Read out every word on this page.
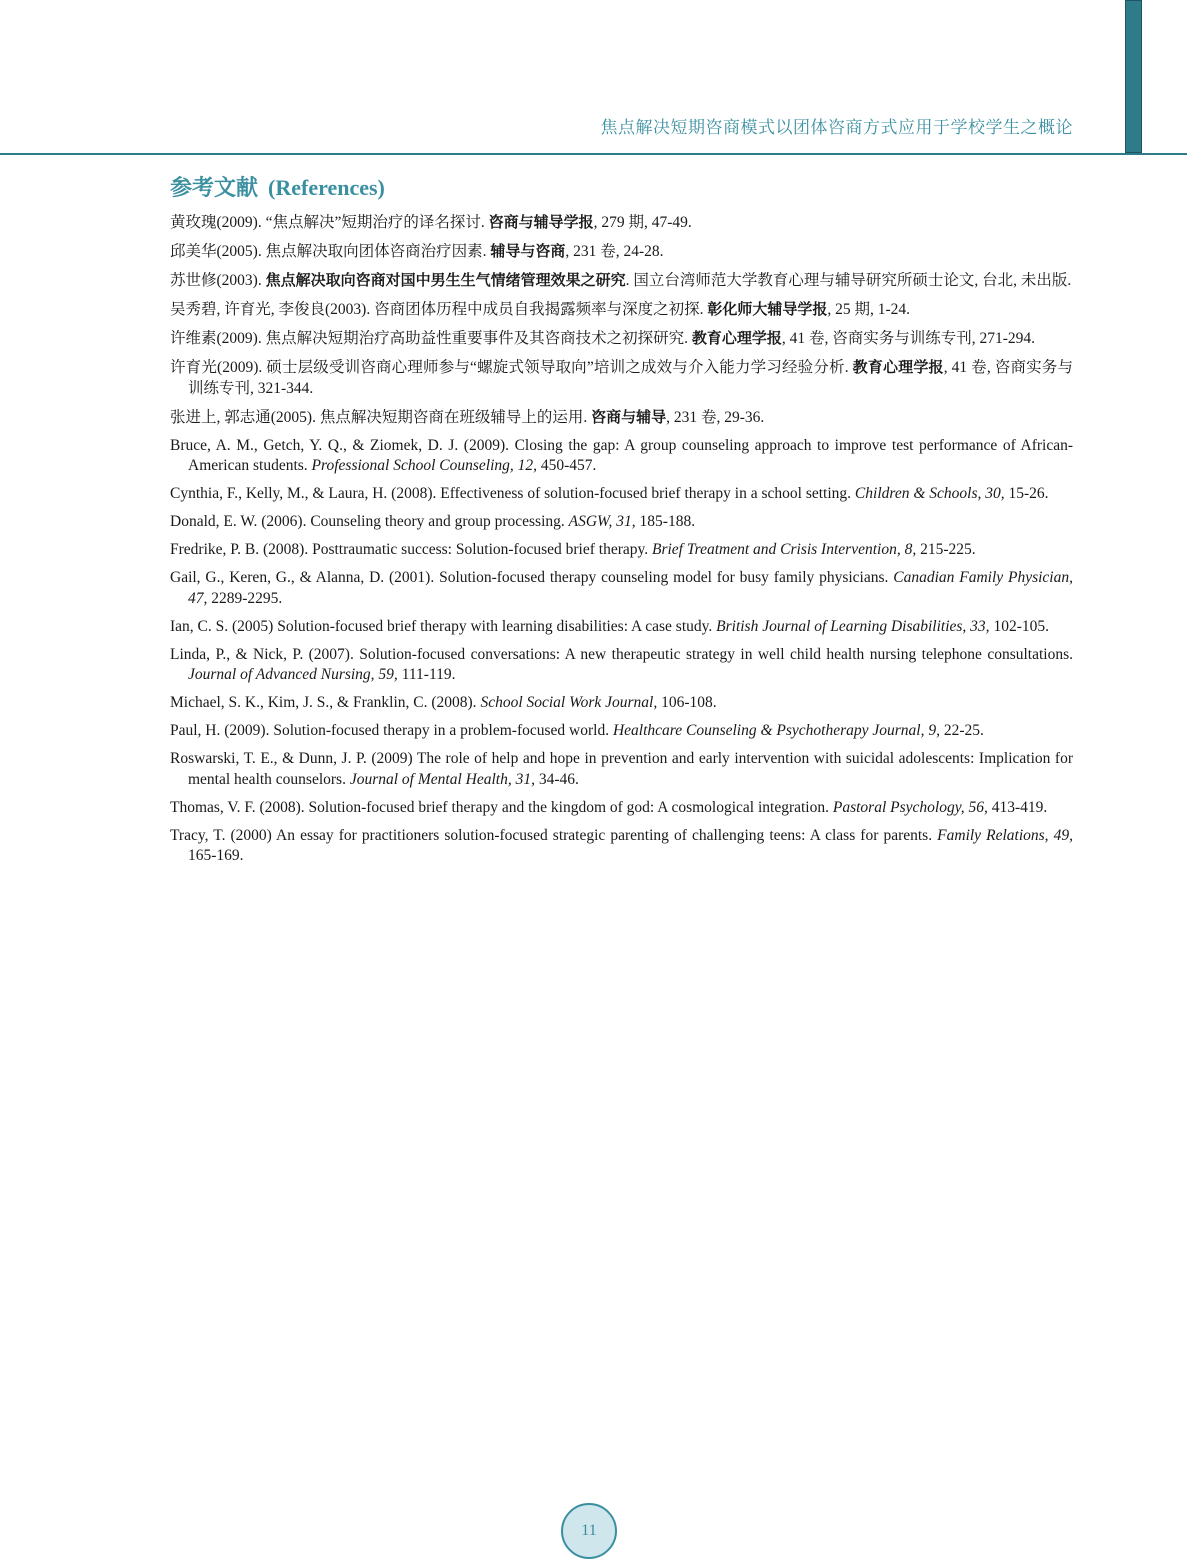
焦点解决短期咨商模式以团体咨商方式应用于学校学生之概论
参考文献 (References)

黄玫瑰(2009). “焦点解决”短期治疗的译名探讨. 咨商与辅导学报, 279 期, 47-49.

邱美华(2005). 焦点解决取向团体咨商治疗因素. 辅导与咨商, 231 卷, 24-28.

苏世修(2003). 焦点解决取向咨商对国中男生生气情绪管理效果之研究. 国立台湾师范大学教育心理与辅导研究所硕士论文, 台北, 未出版.

吴秀碧, 许育光, 李俊良(2003). 咨商团体历程中成员自我揭露频率与深度之初探. 彰化师大辅导学报, 25 期, 1-24.

许维素(2009). 焦点解决短期治疗高助益性重要事件及其咨商技术之初探研究. 教育心理学报, 41 卷, 咨商实务与训练专刊, 271-294.

许育光(2009). 硕士层级受训咨商心理师参与“螺旋式领导取向”培训之成效与介入能力学习经验分析. 教育心理学报, 41 卷, 咨商实务与训练专刊, 321-344.

张进上, 郭志通(2005). 焦点解决短期咨商在班级辅导上的运用. 咨商与辅导, 231 卷, 29-36.

Bruce, A. M., Getch, Y. Q., & Ziomek, D. J. (2009). Closing the gap: A group counseling approach to improve test performance of African-American students. Professional School Counseling, 12, 450-457.

Cynthia, F., Kelly, M., & Laura, H. (2008). Effectiveness of solution-focused brief therapy in a school setting. Children & Schools, 30, 15-26.

Donald, E. W. (2006). Counseling theory and group processing. ASGW, 31, 185-188.

Fredrike, P. B. (2008). Posttraumatic success: Solution-focused brief therapy. Brief Treatment and Crisis Intervention, 8, 215-225.

Gail, G., Keren, G., & Alanna, D. (2001). Solution-focused therapy counseling model for busy family physicians. Canadian Family Physician, 47, 2289-2295.

Ian, C. S. (2005) Solution-focused brief therapy with learning disabilities: A case study. British Journal of Learning Disabilities, 33, 102-105.

Linda, P., & Nick, P. (2007). Solution-focused conversations: A new therapeutic strategy in well child health nursing telephone consultations. Journal of Advanced Nursing, 59, 111-119.

Michael, S. K., Kim, J. S., & Franklin, C. (2008). School Social Work Journal, 106-108.

Paul, H. (2009). Solution-focused therapy in a problem-focused world. Healthcare Counseling & Psychotherapy Journal, 9, 22-25.

Roswarski, T. E., & Dunn, J. P. (2009) The role of help and hope in prevention and early intervention with suicidal adolescents: Implication for mental health counselors. Journal of Mental Health, 31, 34-46.

Thomas, V. F. (2008). Solution-focused brief therapy and the kingdom of god: A cosmological integration. Pastoral Psychology, 56, 413-419.

Tracy, T. (2000) An essay for practitioners solution-focused strategic parenting of challenging teens: A class for parents. Family Relations, 49, 165-169.

11
